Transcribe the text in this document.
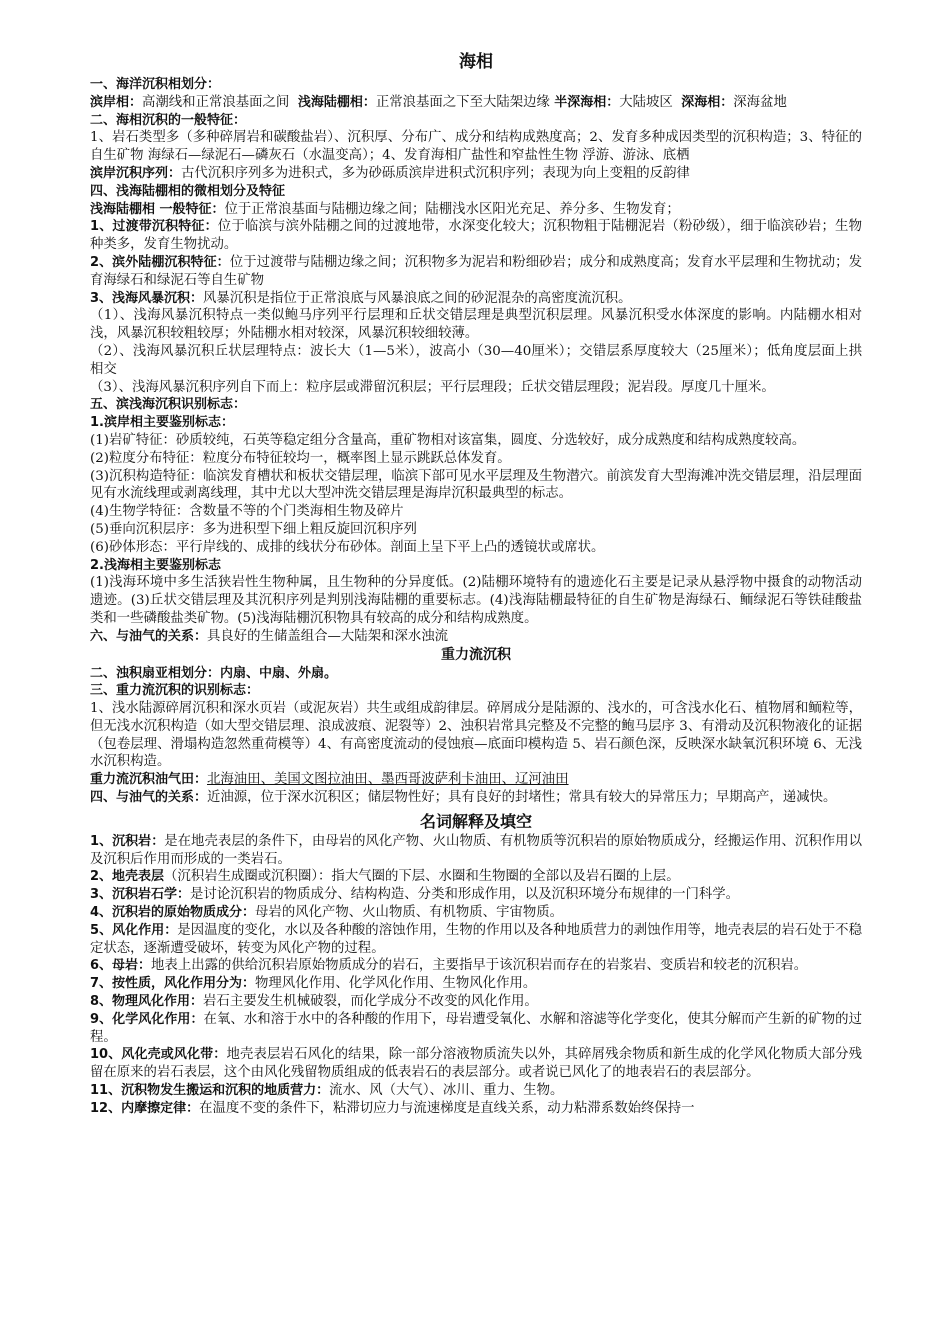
海相

一、海洋沉积相划分：

滨岸相：高潮线和正常浪基面之间 浅海陆棚相：正常浪基面之下至大陆架边缘 半深海相：大陆坡区 深海相：深海盆地

二、海相沉积的一般特征：

1、岩石类型多（多种碎屑岩和碳酸盐岩）、沉积厚、分布广、成分和结构成熟度高；2、发育多种成因类型的沉积构造；3、特征的自生矿物 海绿石—绿泥石—磷灰石（水温变高）；4、发育海相广盐性和窄盐性生物 浮游、游泳、底栖

滨岸沉积序列：古代沉积序列多为进积式，多为砂砾质滨岸进积式沉积序列；表现为向上变粗的反韵律

四、浅海陆棚相的微相划分及特征

浅海陆棚相 一般特征：位于正常浪基面与陆棚边缘之间；陆棚浅水区阳光充足、养分多、生物发育；

1、过渡带沉积特征：位于临滨与滨外陆棚之间的过渡地带，水深变化较大；沉积物粗于陆棚泥岩（粉砂级），细于临滨砂岩；生物种类多，发育生物扰动。

2、滨外陆棚沉积特征：位于过渡带与陆棚边缘之间；沉积物多为泥岩和粉细砂岩；成分和成熟度高；发育水平层理和生物扰动；发育海绿石和绿泥石等自生矿物

3、浅海风暴沉积：风暴沉积是指位于正常浪底与风暴浪底之间的砂泥混杂的高密度流沉积。

（1）、浅海风暴沉积特点一类似鲍马序列平行层理和丘状交错层理是典型沉积层理。风暴沉积受水体深度的影响。内陆棚水相对浅，风暴沉积较粗较厚；外陆棚水相对较深，风暴沉积较细较薄。

（2）、浅海风暴沉积丘状层理特点：波长大（1—5米），波高小（30—40厘米）；交错层系厚度较大（25厘米）；低角度层面上拱相交

（3）、浅海风暴沉积序列自下而上：粒序层或滞留沉积层；平行层理段；丘状交错层理段；泥岩段。厚度几十厘米。

五、滨浅海沉积识别标志：

1.滨岸相主要鉴别标志：

(1)岩矿特征：砂质较纯，石英等稳定组分含量高，重矿物相对该富集，圆度、分选较好，成分成熟度和结构成熟度较高。

(2)粒度分布特征：粒度分布特征较均一，概率图上显示跳跃总体发育。

(3)沉积构造特征：临滨发育槽状和板状交错层理，临滨下部可见水平层理及生物潜穴。前滨发育大型海滩冲洗交错层理，沿层理面见有水流线理或剥离线理，其中尤以大型冲洗交错层理是海岸沉积最典型的标志。

(4)生物学特征：含数量不等的个门类海相生物及碎片

(5)垂向沉积层序：多为进积型下细上粗反旋回沉积序列

(6)砂体形态：平行岸线的、成排的线状分布砂体。剖面上呈下平上凸的透镜状或席状。

2.浅海相主要鉴别标志

(1)浅海环境中多生活狭岩性生物种属，且生物种的分异度低。(2)陆棚环境特有的遗迹化石主要是记录从悬浮物中摄食的动物活动遗迹。(3)丘状交错层理及其沉积序列是判别浅海陆棚的重要标志。(4)浅海陆棚最特征的自生矿物是海绿石、鲕绿泥石等铁硅酸盐类和一些磷酸盐类矿物。(5)浅海陆棚沉积物具有较高的成分和结构成熟度。

六、与油气的关系：具良好的生储盖组合—大陆架和深水浊流

重力流沉积

二、浊积扇亚相划分：内扇、中扇、外扇。

三、重力流沉积的识别标志：

1、浅水陆源碎屑沉积和深水页岩（或泥灰岩）共生或组成韵律层。碎屑成分是陆源的、浅水的，可含浅水化石、植物屑和鲕粒等，但无浅水沉积构造（如大型交错层理、浪成波痕、泥裂等）2、浊积岩常具完整及不完整的鲍马层序 3、有滑动及沉积物液化的证据（包卷层理、滑塌构造忽然重荷模等）4、有高密度流动的侵蚀痕—底面印模构造 5、岩石颜色深，反映深水缺氧沉积环境 6、无浅水沉积构造。

重力流沉积油气田：北海油田、美国文图拉油田、墨西哥波萨利卡油田、辽河油田

四、与油气的关系：近油源，位于深水沉积区；储层物性好；具有良好的封堵性；常具有较大的异常压力；早期高产，递减快。

名词解释及填空

1、沉积岩：是在地壳表层的条件下，由母岩的风化产物、火山物质、有机物质等沉积岩的原始物质成分，经搬运作用、沉积作用以及沉积后作用而形成的一类岩石。

2、地壳表层（沉积岩生成圈或沉积圈）：指大气圈的下层、水圈和生物圈的全部以及岩石圈的上层。

3、沉积岩石学：是讨论沉积岩的物质成分、结构构造、分类和形成作用，以及沉积环境分布规律的一门科学。

4、沉积岩的原始物质成分：母岩的风化产物、火山物质、有机物质、宇宙物质。

5、风化作用：是因温度的变化，水以及各种酸的溶蚀作用，生物的作用以及各种地质营力的剥蚀作用等，地壳表层的岩石处于不稳定状态，逐渐遭受破坏，转变为风化产物的过程。

6、母岩：地表上出露的供给沉积岩原始物质成分的岩石，主要指早于该沉积岩而存在的岩浆岩、变质岩和较老的沉积岩。

7、按性质，风化作用分为：物理风化作用、化学风化作用、生物风化作用。

8、物理风化作用：岩石主要发生机械破裂，而化学成分不改变的风化作用。

9、化学风化作用：在氧、水和溶于水中的各种酸的作用下，母岩遭受氧化、水解和溶滤等化学变化，使其分解而产生新的矿物的过程。

10、风化壳或风化带：地壳表层岩石风化的结果，除一部分溶液物质流失以外，其碎屑残余物质和新生成的化学风化物质大部分残留在原来的岩石表层，这个由风化残留物质组成的低表岩石的表层部分。或者说已风化了的地表岩石的表层部分。

11、沉积物发生搬运和沉积的地质营力：流水、风（大气）、冰川、重力、生物。

12、内摩擦定律：在温度不变的条件下，粘滞切应力与流速梯度是直线关系，动力粘滞系数始终保持一
